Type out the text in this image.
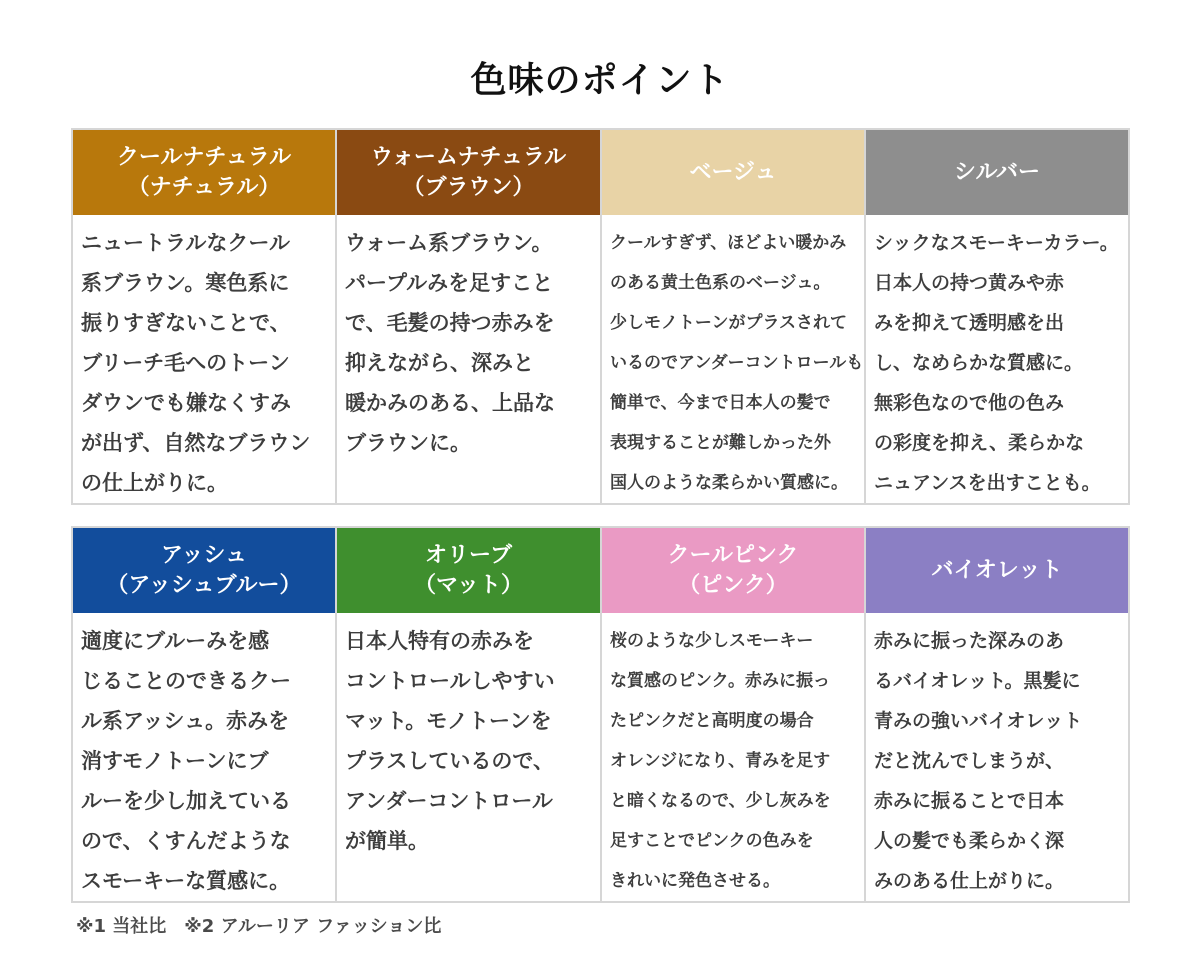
色味のポイント
クールナチュラル
（ナチュラル）
ニュートラルなクール
系ブラウン。寒色系に
振りすぎないことで、
ブリーチ毛へのトーン
ダウンでも嫌なくすみ
が出ず、自然なブラウン
の仕上がりに。
ウォームナチュラル
（ブラウン）
ウォーム系ブラウン。
パープルみを足すこと
で、毛髪の持つ赤みを
抑えながら、深みと
暖かみのある、上品な
ブラウンに。
ベージュ
クールすぎず、ほどよい暖かみ
のある黄土色系のベージュ。
少しモノトーンがプラスされて
いるのでアンダーコントロールも
簡単で、今まで日本人の髪で
表現することが難しかった外
国人のような柔らかい質感に。
シルバー
シックなスモーキーカラー。
日本人の持つ黄みや赤
みを抑えて透明感を出
し、なめらかな質感に。
無彩色なので他の色み
の彩度を抑え、柔らかな
ニュアンスを出すことも。
アッシュ
（アッシュブルー）
適度にブルーみを感
じることのできるクー
ル系アッシュ。赤みを
消すモノトーンにブ
ルーを少し加えている
ので、くすんだような
スモーキーな質感に。
オリーブ
（マット）
日本人特有の赤みを
コントロールしやすい
マット。モノトーンを
プラスしているので、
アンダーコントロール
が簡単。
クールピンク
（ピンク）
桜のような少しスモーキー
な質感のピンク。赤みに振っ
たピンクだと高明度の場合
オレンジになり、青みを足す
と暗くなるので、少し灰みを
足すことでピンクの色みを
きれいに発色させる。
バイオレット
赤みに振った深みのあ
るバイオレット。黒髪に
青みの強いバイオレット
だと沈んでしまうが、
赤みに振ることで日本
人の髪でも柔らかく深
みのある仕上がりに。
※1 当社比　※2 アルーリア ファッション比
